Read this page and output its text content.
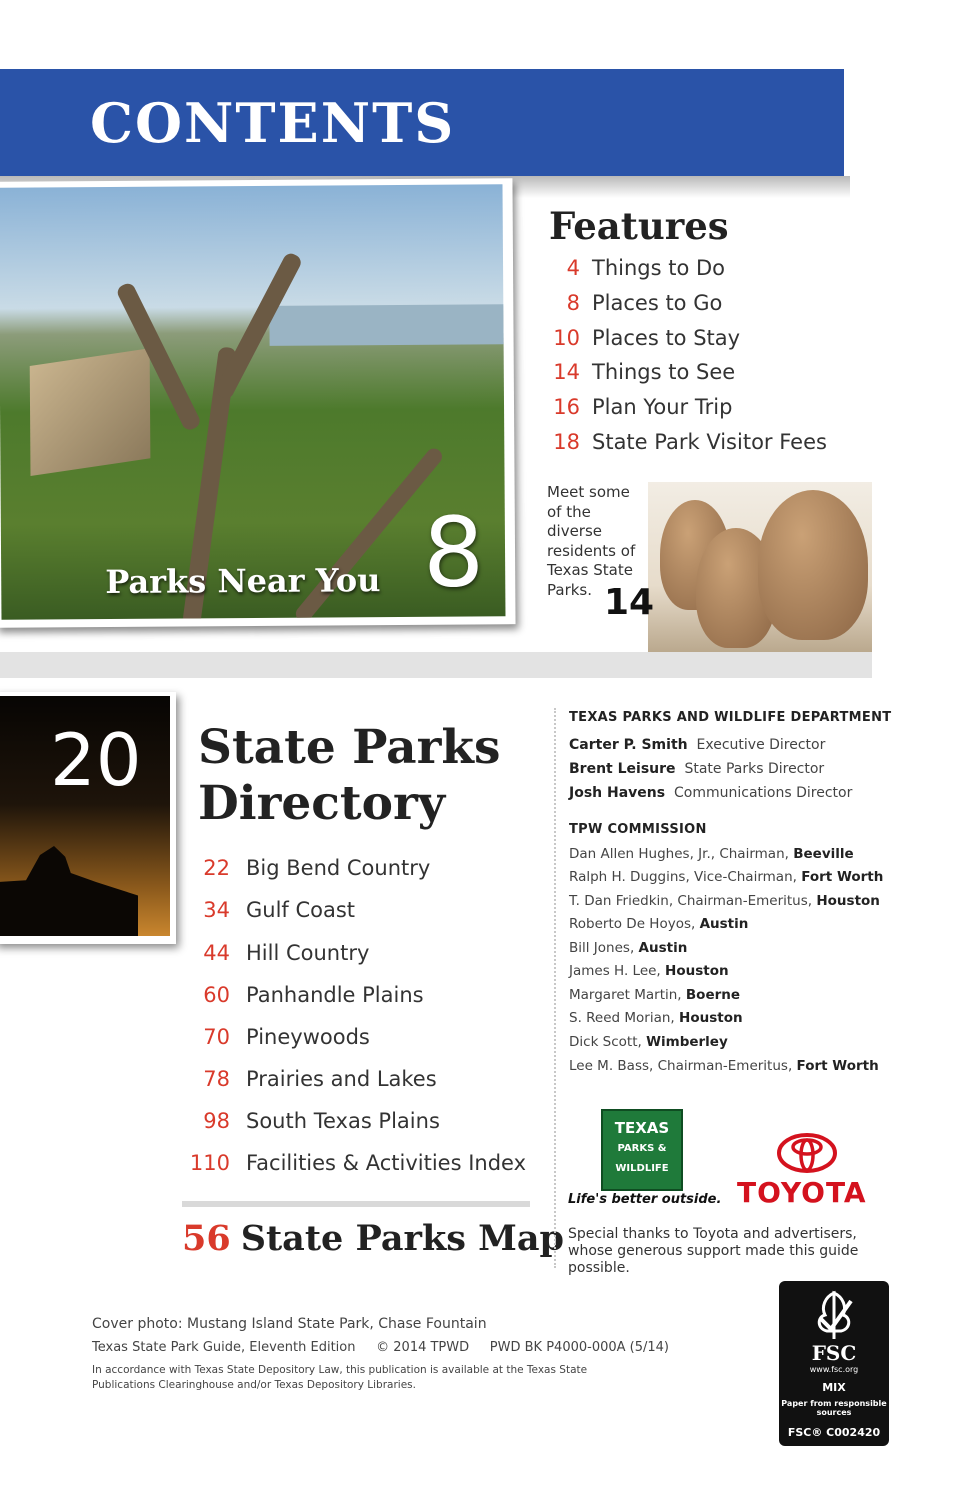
CONTENTS
Parks Near You 8
Features
4 Things to Do
8 Places to Go
10 Places to Stay
14 Things to See
16 Plan Your Trip
18 State Park Visitor Fees
Meet some
of the
diverse
residents of
Texas State
Parks. 14
20 State Parks
Directory
22 Big Bend Country
34 Gulf Coast
44 Hill Country
60 Panhandle Plains
70 Pineywoods
78 Prairies and Lakes
98 South Texas Plains
110 Facilities & Activities Index
56 State Parks Map
TEXAS PARKS AND WILDLIFE DEPARTMENT
Carter P. Smith Executive Director
Brent Leisure State Parks Director
Josh Havens Communications Director
TPW COMMISSION
Dan Allen Hughes, Jr., Chairman, Beeville
Ralph H. Duggins, Vice-Chairman, Fort Worth
T. Dan Friedkin, Chairman-Emeritus, Houston
Roberto De Hoyos, Austin
Bill Jones, Austin
James H. Lee, Houston
Margaret Martin, Boerne
S. Reed Morian, Houston
Dick Scott, Wimberley
Lee M. Bass, Chairman-Emeritus, Fort Worth
TEXAS
PARKS &
WILDLIFE
Life's better outside. TOYOTA
Special thanks to Toyota and advertisers, whose generous support made this guide possible.
Cover photo: Mustang Island State Park, Chase Fountain
Texas State Park Guide, Eleventh Edition     © 2014 TPWD     PWD BK P4000-000A (5/14)
In accordance with Texas State Depository Law, this publication is available at the Texas State Publications Clearinghouse and/or Texas Depository Libraries.
FSC
www.fsc.org
MIX
Paper from responsible sources
FSC® C002420
